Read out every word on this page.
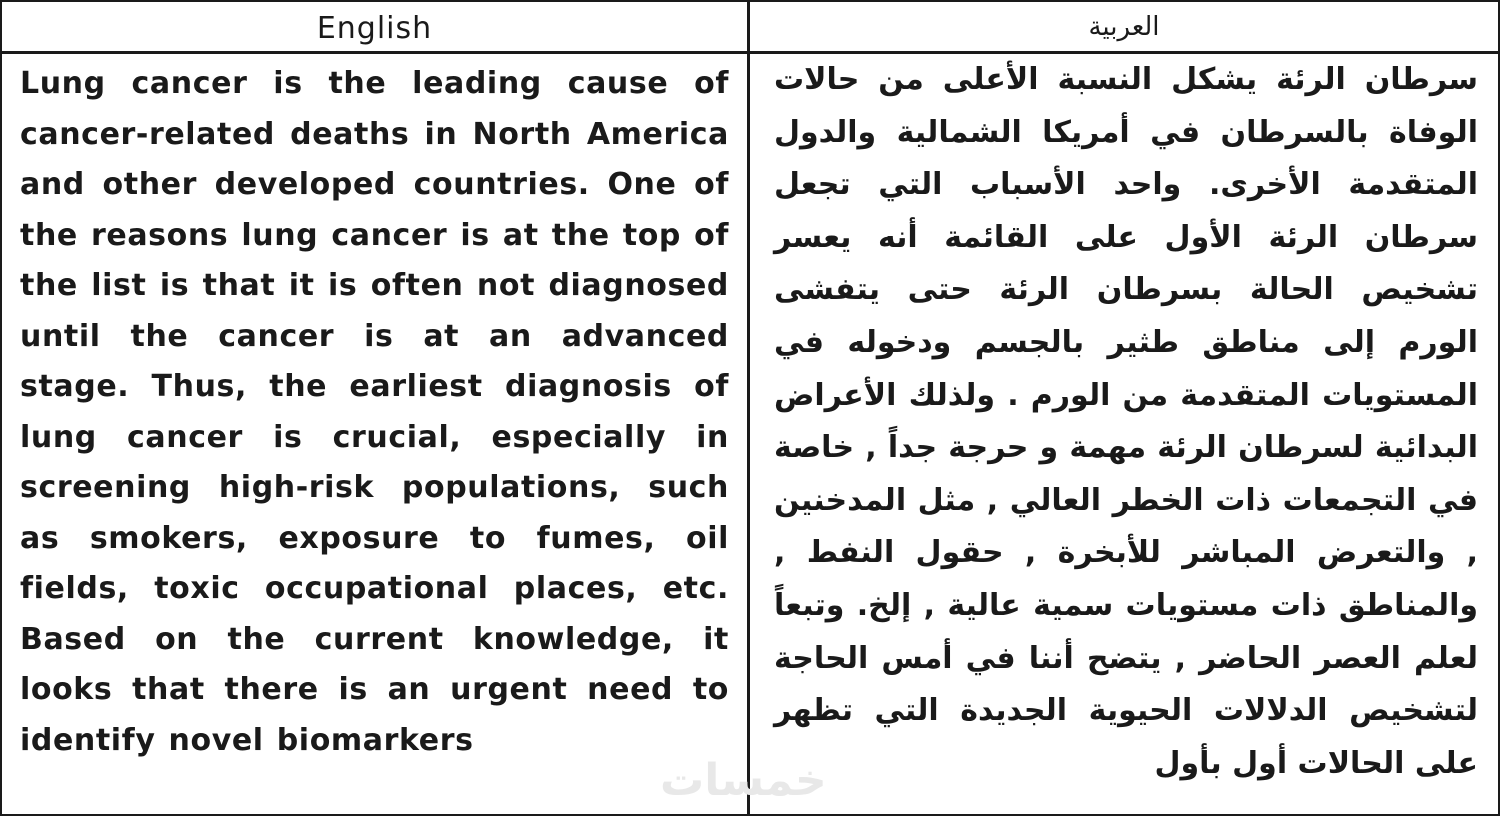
English
Lung cancer is the leading cause of cancer-related deaths in North America and other developed countries. One of the reasons lung cancer is at the top of the list is that it is often not diagnosed until the cancer is at an advanced stage. Thus, the earliest diagnosis of lung cancer is crucial, especially in screening high-risk populations, such as smokers, exposure to fumes, oil fields, toxic occupational places, etc. Based on the current knowledge, it looks that there is an urgent need to identify novel biomarkers
العربية
سرطان الرئة يشكل النسبة الأعلى من حالات الوفاة بالسرطان في أمريكا الشمالية والدول المتقدمة الأخرى. واحد الأسباب التي تجعل سرطان الرئة الأول على القائمة أنه يعسر تشخيص الحالة بسرطان الرئة حتى يتفشى الورم إلى مناطق طثير بالجسم ودخوله في المستويات المتقدمة من الورم . ولذلك الأعراض البدائية لسرطان الرئة مهمة و حرجة جداً , خاصة في التجمعات ذات الخطر العالي , مثل المدخنين , والتعرض المباشر للأبخرة , حقول النفط , والمناطق ذات مستويات سمية عالية , إلخ. وتبعاً لعلم العصر الحاضر , يتضح أننا في أمس الحاجة لتشخيص الدلالات الحيوية الجديدة التي تظهر على الحالات أول بأول
خمسات
